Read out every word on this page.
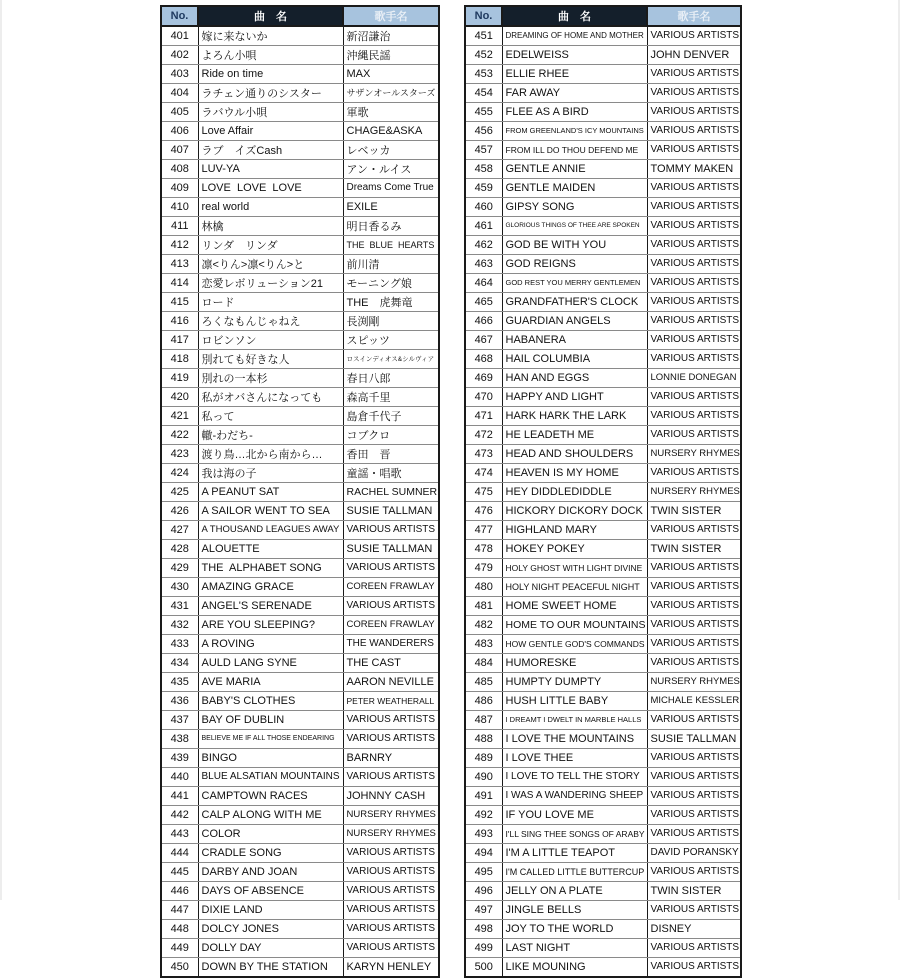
No.	曲　名	歌手名
401	嫁に来ないか	新沼謙治
402	よろん小唄	沖縄民謡
403	Ride on time	MAX
404	ラチェン通りのシスター	サザンオールスターズ
405	ラバウル小唄	軍歌
406	Love Affair	CHAGE&ASKA
407	ラブ　イズCash	レベッカ
408	LUV-YA	アン・ルイス
409	LOVE  LOVE  LOVE	Dreams Come True
410	real world	EXILE
411	林檎	明日香るみ
412	リンダ　リンダ	THE  BLUE  HEARTS
413	凛<りん>凛<りん>と	前川清
414	恋愛レボリューション21	モーニング娘
415	ロード	THE　虎舞竜
416	ろくなもんじゃねえ	長渕剛
417	ロビンソン	スピッツ
418	別れても好きな人	ロスインディオス&シルヴィア
419	別れの一本杉	春日八郎
420	私がオバさんになっても	森高千里
421	私って	島倉千代子
422	轍-わだち-	コブクロ
423	渡り鳥…北から南から…	香田　晋
424	我は海の子	童謡・唱歌
425	A PEANUT SAT	RACHEL SUMNER
426	A SAILOR WENT TO SEA	SUSIE TALLMAN
427	A THOUSAND LEAGUES AWAY	VARIOUS ARTISTS
428	ALOUETTE	SUSIE TALLMAN
429	THE  ALPHABET SONG	VARIOUS ARTISTS
430	AMAZING GRACE	COREEN FRAWLAY
431	ANGEL'S SERENADE	VARIOUS ARTISTS
432	ARE YOU SLEEPING?	COREEN FRAWLAY
433	A ROVING	THE WANDERERS
434	AULD LANG SYNE	THE CAST
435	AVE MARIA	AARON NEVILLE
436	BABY'S CLOTHES	PETER WEATHERALL
437	BAY OF DUBLIN	VARIOUS ARTISTS
438	BELIEVE ME IF ALL THOSE ENDEARING	VARIOUS ARTISTS
439	BINGO	BARNRY
440	BLUE ALSATIAN MOUNTAINS	VARIOUS ARTISTS
441	CAMPTOWN RACES	JOHNNY CASH
442	CALP ALONG WITH ME	NURSERY RHYMES
443	COLOR	NURSERY RHYMES
444	CRADLE SONG	VARIOUS ARTISTS
445	DARBY AND JOAN	VARIOUS ARTISTS
446	DAYS OF ABSENCE	VARIOUS ARTISTS
447	DIXIE LAND	VARIOUS ARTISTS
448	DOLCY JONES	VARIOUS ARTISTS
449	DOLLY DAY	VARIOUS ARTISTS
450	DOWN BY THE STATION	KARYN HENLEY
No.	曲　名	歌手名
451	DREAMING OF HOME AND MOTHER	VARIOUS ARTISTS
452	EDELWEISS	JOHN DENVER
453	ELLIE RHEE	VARIOUS ARTISTS
454	FAR AWAY	VARIOUS ARTISTS
455	FLEE AS A BIRD	VARIOUS ARTISTS
456	FROM GREENLAND'S ICY MOUNTAINS	VARIOUS ARTISTS
457	FROM ILL DO THOU DEFEND ME	VARIOUS ARTISTS
458	GENTLE ANNIE	TOMMY MAKEN
459	GENTLE MAIDEN	VARIOUS ARTISTS
460	GIPSY SONG	VARIOUS ARTISTS
461	GLORIOUS THINGS OF THEE ARE SPOKEN	VARIOUS ARTISTS
462	GOD BE WITH YOU	VARIOUS ARTISTS
463	GOD REIGNS	VARIOUS ARTISTS
464	GOD REST YOU MERRY GENTLEMEN	VARIOUS ARTISTS
465	GRANDFATHER'S CLOCK	VARIOUS ARTISTS
466	GUARDIAN ANGELS	VARIOUS ARTISTS
467	HABANERA	VARIOUS ARTISTS
468	HAIL COLUMBIA	VARIOUS ARTISTS
469	HAN AND EGGS	LONNIE DONEGAN
470	HAPPY AND LIGHT	VARIOUS ARTISTS
471	HARK HARK THE LARK	VARIOUS ARTISTS
472	HE LEADETH ME	VARIOUS ARTISTS
473	HEAD AND SHOULDERS	NURSERY RHYMES
474	HEAVEN IS MY HOME	VARIOUS ARTISTS
475	HEY DIDDLEDIDDLE	NURSERY RHYMES
476	HICKORY DICKORY DOCK	TWIN SISTER
477	HIGHLAND MARY	VARIOUS ARTISTS
478	HOKEY POKEY	TWIN SISTER
479	HOLY GHOST WITH LIGHT DIVINE	VARIOUS ARTISTS
480	HOLY NIGHT PEACEFUL NIGHT	VARIOUS ARTISTS
481	HOME SWEET HOME	VARIOUS ARTISTS
482	HOME TO OUR MOUNTAINS	VARIOUS ARTISTS
483	HOW GENTLE GOD'S COMMANDS	VARIOUS ARTISTS
484	HUMORESKE	VARIOUS ARTISTS
485	HUMPTY DUMPTY	NURSERY RHYMES
486	HUSH LITTLE BABY	MICHALE KESSLER
487	I DREAMT I DWELT IN MARBLE HALLS	VARIOUS ARTISTS
488	I LOVE THE MOUNTAINS	SUSIE TALLMAN
489	I LOVE THEE	VARIOUS ARTISTS
490	I LOVE TO TELL THE STORY	VARIOUS ARTISTS
491	I WAS A WANDERING SHEEP	VARIOUS ARTISTS
492	IF YOU LOVE ME	VARIOUS ARTISTS
493	I'LL SING THEE SONGS OF ARABY	VARIOUS ARTISTS
494	I'M A LITTLE TEAPOT	DAVID PORANSKY
495	I'M CALLED LITTLE BUTTERCUP	VARIOUS ARTISTS
496	JELLY ON A PLATE	TWIN SISTER
497	JINGLE BELLS	VARIOUS ARTISTS
498	JOY TO THE WORLD	DISNEY
499	LAST NIGHT	VARIOUS ARTISTS
500	LIKE MOUNING	VARIOUS ARTISTS
